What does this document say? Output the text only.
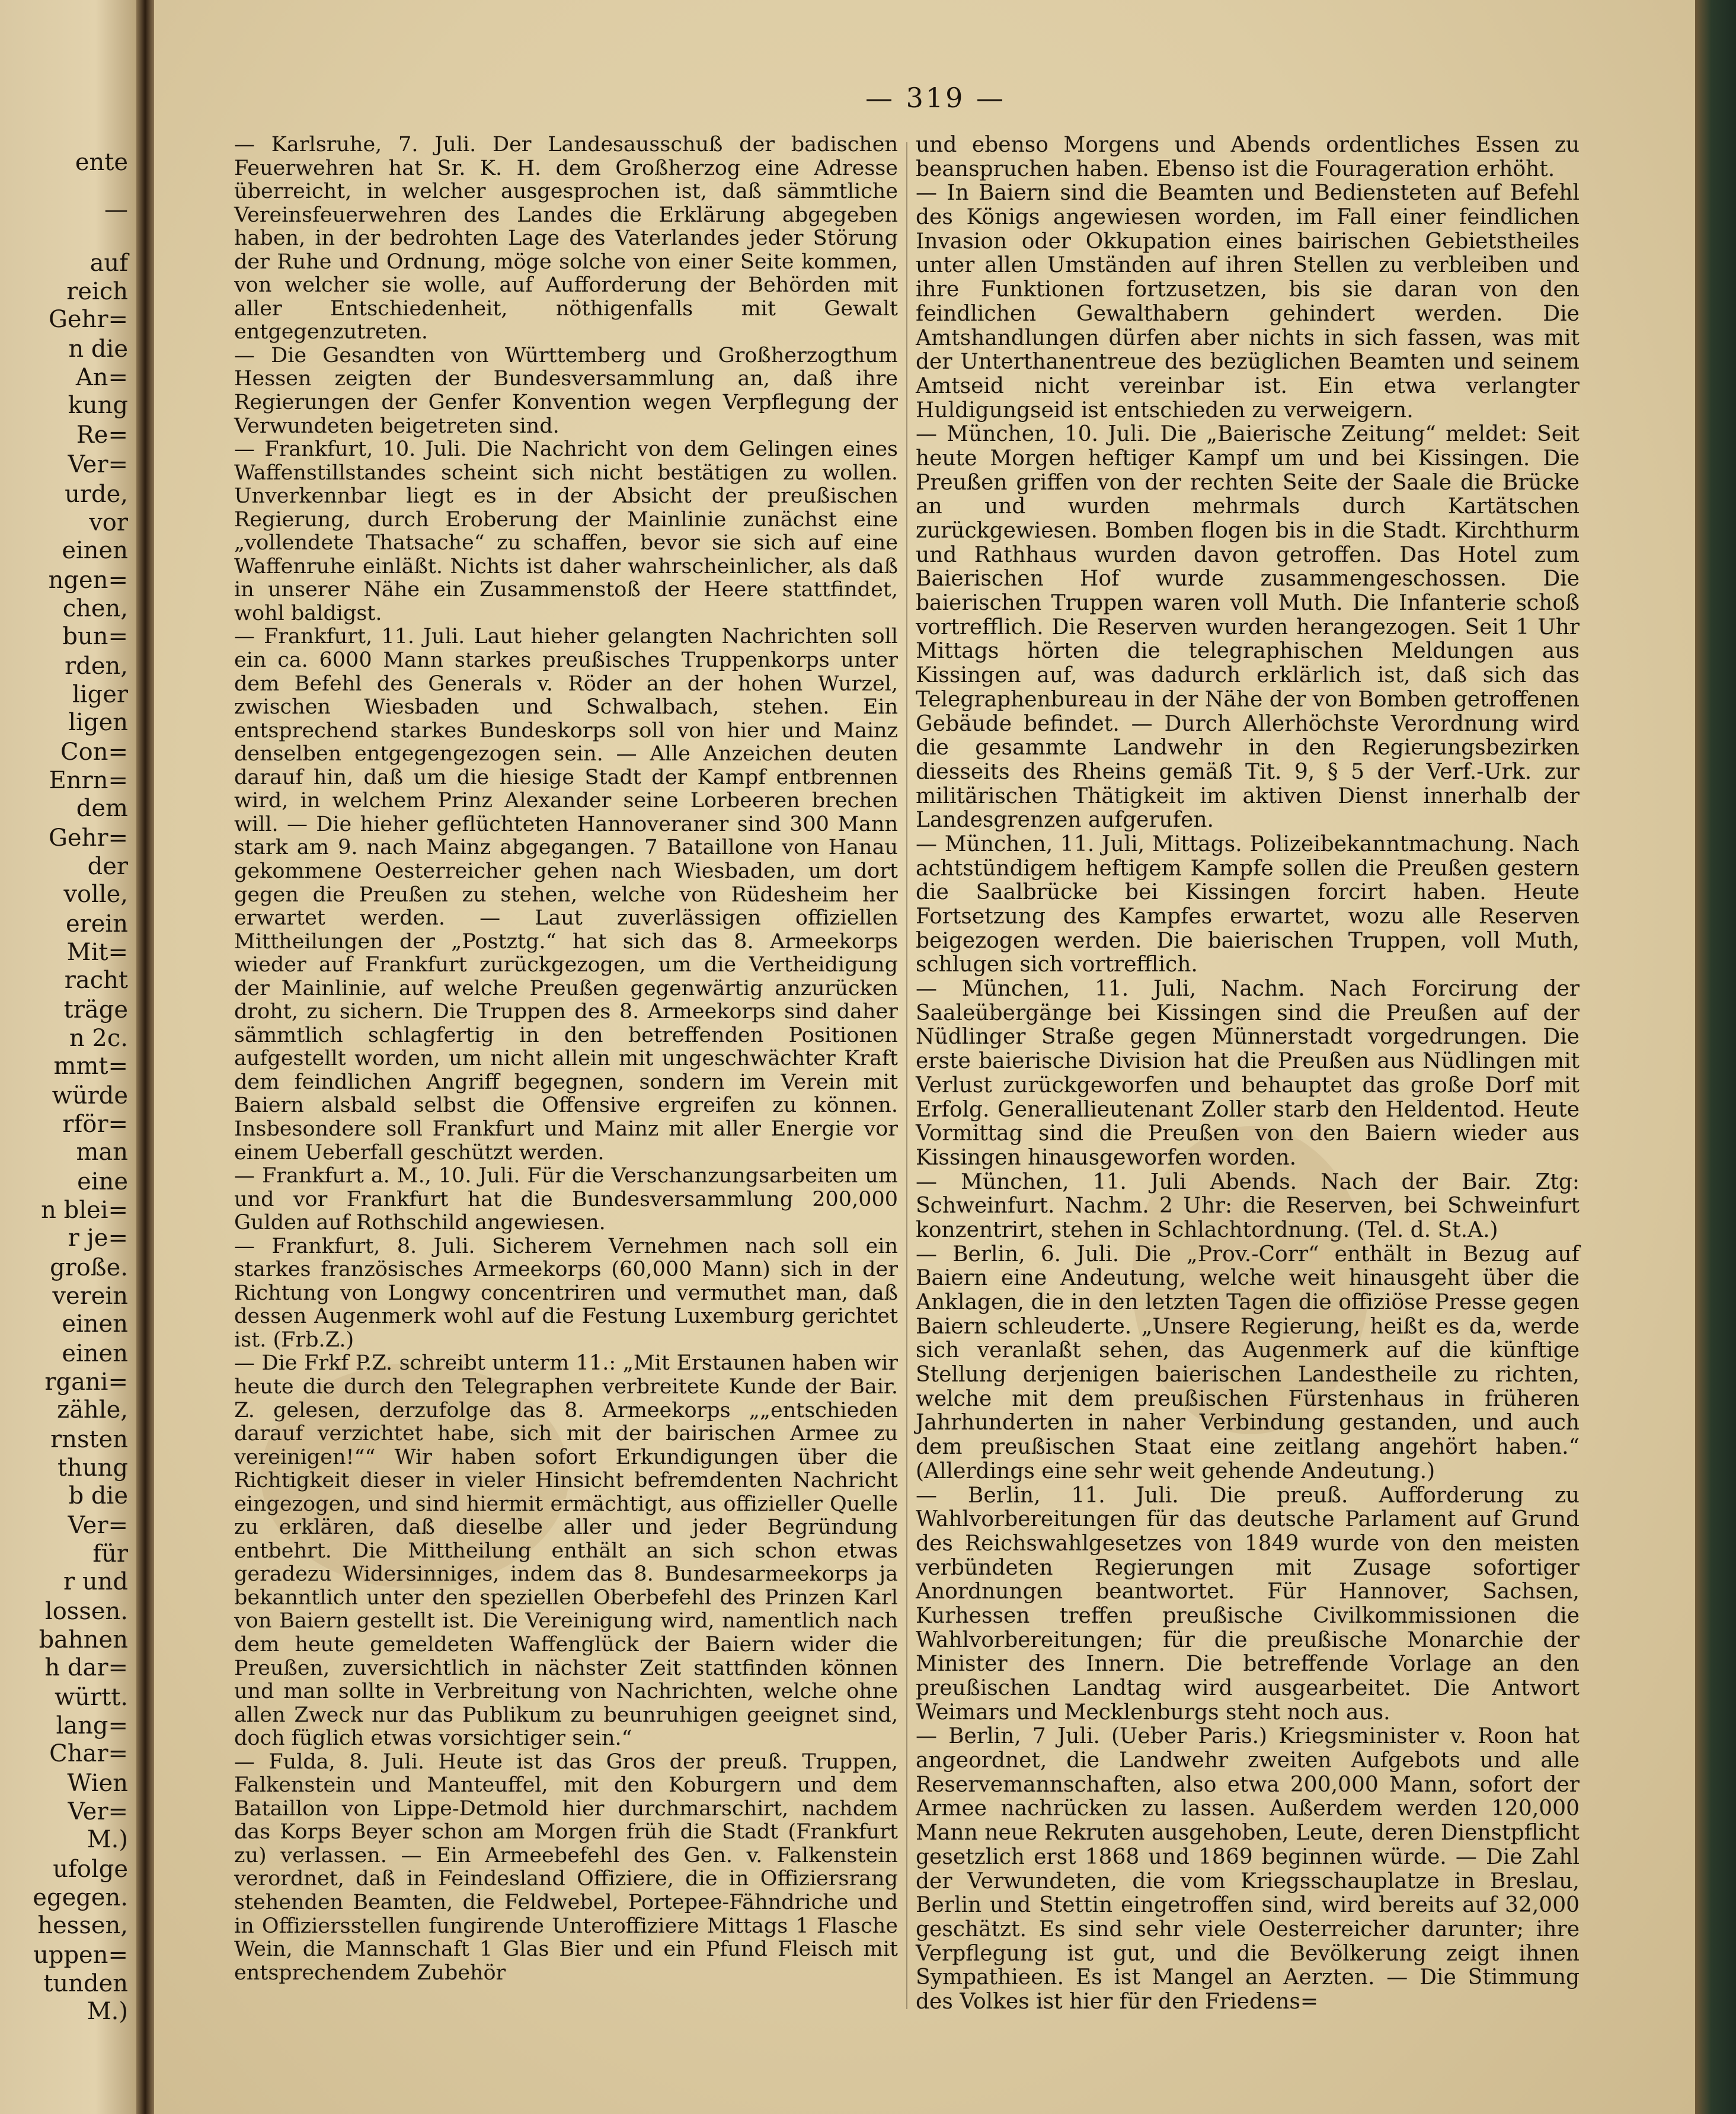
ente
—
auf
reich
Gehr=
n die
An=
kung
Re=
Ver=
urde,
vor
einen
ngen=
chen,
bun=
rden,
liger
ligen
Con=
Enrn=
dem
Gehr=
der
volle,
erein
Mit=
racht
träge
n 2c.
mmt=
würde
rför=
man
eine
n blei=
r je=
große.
verein
einen
einen
rgani=
zähle,
rnsten
thung
b die
Ver=
für
r und
lossen.
bahnen
h dar=
württ.
lang=
Char=
Wien
Ver=
M.)
ufolge
egegen.
hessen,
uppen=
tunden
M.)
— 319 —

— Karlsruhe, 7. Juli. Der Landesausschuß der badischen Feuerwehren hat Sr. K. H. dem Großherzog eine Adresse überreicht, in welcher ausgesprochen ist, daß sämmtliche Vereinsfeuerwehren des Landes die Erklärung abgegeben haben, in der bedrohten Lage des Vaterlandes jeder Störung der Ruhe und Ordnung, möge solche von einer Seite kommen, von welcher sie wolle, auf Aufforderung der Behörden mit aller Entschiedenheit, nöthigenfalls mit Gewalt entgegenzutreten.

— Die Gesandten von Württemberg und Großherzogthum Hessen zeigten der Bundesversammlung an, daß ihre Regierungen der Genfer Konvention wegen Verpflegung der Verwundeten beigetreten sind.

— Frankfurt, 10. Juli. Die Nachricht von dem Gelingen eines Waffenstillstandes scheint sich nicht bestätigen zu wollen. Unverkennbar liegt es in der Absicht der preußischen Regierung, durch Eroberung der Mainlinie zunächst eine „vollendete Thatsache“ zu schaffen, bevor sie sich auf eine Waffenruhe einläßt. Nichts ist daher wahrscheinlicher, als daß in unserer Nähe ein Zusammenstoß der Heere stattfindet, wohl baldigst.

— Frankfurt, 11. Juli. Laut hieher gelangten Nachrichten soll ein ca. 6000 Mann starkes preußisches Truppenkorps unter dem Befehl des Generals v. Röder an der hohen Wurzel, zwischen Wiesbaden und Schwalbach, stehen. Ein entsprechend starkes Bundeskorps soll von hier und Mainz denselben entgegengezogen sein. — Alle Anzeichen deuten darauf hin, daß um die hiesige Stadt der Kampf entbrennen wird, in welchem Prinz Alexander seine Lorbeeren brechen will. — Die hieher geflüchteten Hannoveraner sind 300 Mann stark am 9. nach Mainz abgegangen. 7 Bataillone von Hanau gekommene Oesterreicher gehen nach Wiesbaden, um dort gegen die Preußen zu stehen, welche von Rüdesheim her erwartet werden. — Laut zuverlässigen offiziellen Mittheilungen der „Postztg.“ hat sich das 8. Armeekorps wieder auf Frankfurt zurückgezogen, um die Vertheidigung der Mainlinie, auf welche Preußen gegenwärtig anzurücken droht, zu sichern. Die Truppen des 8. Armeekorps sind daher sämmtlich schlagfertig in den betreffenden Positionen aufgestellt worden, um nicht allein mit ungeschwächter Kraft dem feindlichen Angriff begegnen, sondern im Verein mit Baiern alsbald selbst die Offensive ergreifen zu können. Insbesondere soll Frankfurt und Mainz mit aller Energie vor einem Ueberfall geschützt werden.

— Frankfurt a. M., 10. Juli. Für die Verschanzungsarbeiten um und vor Frankfurt hat die Bundesversammlung 200,000 Gulden auf Rothschild angewiesen.

— Frankfurt, 8. Juli. Sicherem Vernehmen nach soll ein starkes französisches Armeekorps (60,000 Mann) sich in der Richtung von Longwy concentriren und vermuthet man, daß dessen Augenmerk wohl auf die Festung Luxemburg gerichtet ist. (Frb.Z.)

— Die Frkf P.Z. schreibt unterm 11.: „Mit Erstaunen haben wir heute die durch den Telegraphen verbreitete Kunde der Bair. Z. gelesen, derzufolge das 8. Armeekorps „„entschieden darauf verzichtet habe, sich mit der bairischen Armee zu vereinigen!““ Wir haben sofort Erkundigungen über die Richtigkeit dieser in vieler Hinsicht befremdenten Nachricht eingezogen, und sind hiermit ermächtigt, aus offizieller Quelle zu erklären, daß dieselbe aller und jeder Begründung entbehrt. Die Mittheilung enthält an sich schon etwas geradezu Widersinniges, indem das 8. Bundesarmeekorps ja bekanntlich unter den speziellen Oberbefehl des Prinzen Karl von Baiern gestellt ist. Die Vereinigung wird, namentlich nach dem heute gemeldeten Waffenglück der Baiern wider die Preußen, zuversichtlich in nächster Zeit stattfinden können und man sollte in Verbreitung von Nachrichten, welche ohne allen Zweck nur das Publikum zu beunruhigen geeignet sind, doch füglich etwas vorsichtiger sein.“

— Fulda, 8. Juli. Heute ist das Gros der preuß. Truppen, Falkenstein und Manteuffel, mit den Koburgern und dem Bataillon von Lippe-Detmold hier durchmarschirt, nachdem das Korps Beyer schon am Morgen früh die Stadt (Frankfurt zu) verlassen. — Ein Armeebefehl des Gen. v. Falkenstein verordnet, daß in Feindesland Offiziere, die in Offiziersrang stehenden Beamten, die Feldwebel, Portepee-Fähndriche und in Offiziersstellen fungirende Unteroffiziere Mittags 1 Flasche Wein, die Mannschaft 1 Glas Bier und ein Pfund Fleisch mit entsprechendem Zubehör

und ebenso Morgens und Abends ordentliches Essen zu beanspruchen haben. Ebenso ist die Fourageration erhöht.

— In Baiern sind die Beamten und Bediensteten auf Befehl des Königs angewiesen worden, im Fall einer feindlichen Invasion oder Okkupation eines bairischen Gebietstheiles unter allen Umständen auf ihren Stellen zu verbleiben und ihre Funktionen fortzusetzen, bis sie daran von den feindlichen Gewalthabern gehindert werden. Die Amtshandlungen dürfen aber nichts in sich fassen, was mit der Unterthanentreue des bezüglichen Beamten und seinem Amtseid nicht vereinbar ist. Ein etwa verlangter Huldigungseid ist entschieden zu verweigern.

— München, 10. Juli. Die „Baierische Zeitung“ meldet: Seit heute Morgen heftiger Kampf um und bei Kissingen. Die Preußen griffen von der rechten Seite der Saale die Brücke an und wurden mehrmals durch Kartätschen zurückgewiesen. Bomben flogen bis in die Stadt. Kirchthurm und Rathhaus wurden davon getroffen. Das Hotel zum Baierischen Hof wurde zusammengeschossen. Die baierischen Truppen waren voll Muth. Die Infanterie schoß vortrefflich. Die Reserven wurden herangezogen. Seit 1 Uhr Mittags hörten die telegraphischen Meldungen aus Kissingen auf, was dadurch erklärlich ist, daß sich das Telegraphenbureau in der Nähe der von Bomben getroffenen Gebäude befindet. — Durch Allerhöchste Verordnung wird die gesammte Landwehr in den Regierungsbezirken diesseits des Rheins gemäß Tit. 9, § 5 der Verf.-Urk. zur militärischen Thätigkeit im aktiven Dienst innerhalb der Landesgrenzen aufgerufen.

— München, 11. Juli, Mittags. Polizeibekanntmachung. Nach achtstündigem heftigem Kampfe sollen die Preußen gestern die Saalbrücke bei Kissingen forcirt haben. Heute Fortsetzung des Kampfes erwartet, wozu alle Reserven beigezogen werden. Die baierischen Truppen, voll Muth, schlugen sich vortrefflich.

— München, 11. Juli, Nachm. Nach Forcirung der Saaleübergänge bei Kissingen sind die Preußen auf der Nüdlinger Straße gegen Münnerstadt vorgedrungen. Die erste baierische Division hat die Preußen aus Nüdlingen mit Verlust zurückgeworfen und behauptet das große Dorf mit Erfolg. Generallieutenant Zoller starb den Heldentod. Heute Vormittag sind die Preußen von den Baiern wieder aus Kissingen hinausgeworfen worden.

— München, 11. Juli Abends. Nach der Bair. Ztg: Schweinfurt. Nachm. 2 Uhr: die Reserven, bei Schweinfurt konzentrirt, stehen in Schlachtordnung. (Tel. d. St.A.)

— Berlin, 6. Juli. Die „Prov.-Corr“ enthält in Bezug auf Baiern eine Andeutung, welche weit hinausgeht über die Anklagen, die in den letzten Tagen die offiziöse Presse gegen Baiern schleuderte. „Unsere Regierung, heißt es da, werde sich veranlaßt sehen, das Augenmerk auf die künftige Stellung derjenigen baierischen Landestheile zu richten, welche mit dem preußischen Fürstenhaus in früheren Jahrhunderten in naher Verbindung gestanden, und auch dem preußischen Staat eine zeitlang angehört haben.“ (Allerdings eine sehr weit gehende Andeutung.)

— Berlin, 11. Juli. Die preuß. Aufforderung zu Wahlvorbereitungen für das deutsche Parlament auf Grund des Reichswahlgesetzes von 1849 wurde von den meisten verbündeten Regierungen mit Zusage sofortiger Anordnungen beantwortet. Für Hannover, Sachsen, Kurhessen treffen preußische Civilkommissionen die Wahlvorbereitungen; für die preußische Monarchie der Minister des Innern. Die betreffende Vorlage an den preußischen Landtag wird ausgearbeitet. Die Antwort Weimars und Mecklenburgs steht noch aus.

— Berlin, 7 Juli. (Ueber Paris.) Kriegsminister v. Roon hat angeordnet, die Landwehr zweiten Aufgebots und alle Reservemannschaften, also etwa 200,000 Mann, sofort der Armee nachrücken zu lassen. Außerdem werden 120,000 Mann neue Rekruten ausgehoben, Leute, deren Dienstpflicht gesetzlich erst 1868 und 1869 beginnen würde. — Die Zahl der Verwundeten, die vom Kriegsschauplatze in Breslau, Berlin und Stettin eingetroffen sind, wird bereits auf 32,000 geschätzt. Es sind sehr viele Oesterreicher darunter; ihre Verpflegung ist gut, und die Bevölkerung zeigt ihnen Sympathieen. Es ist Mangel an Aerzten. — Die Stimmung des Volkes ist hier für den Friedens=
